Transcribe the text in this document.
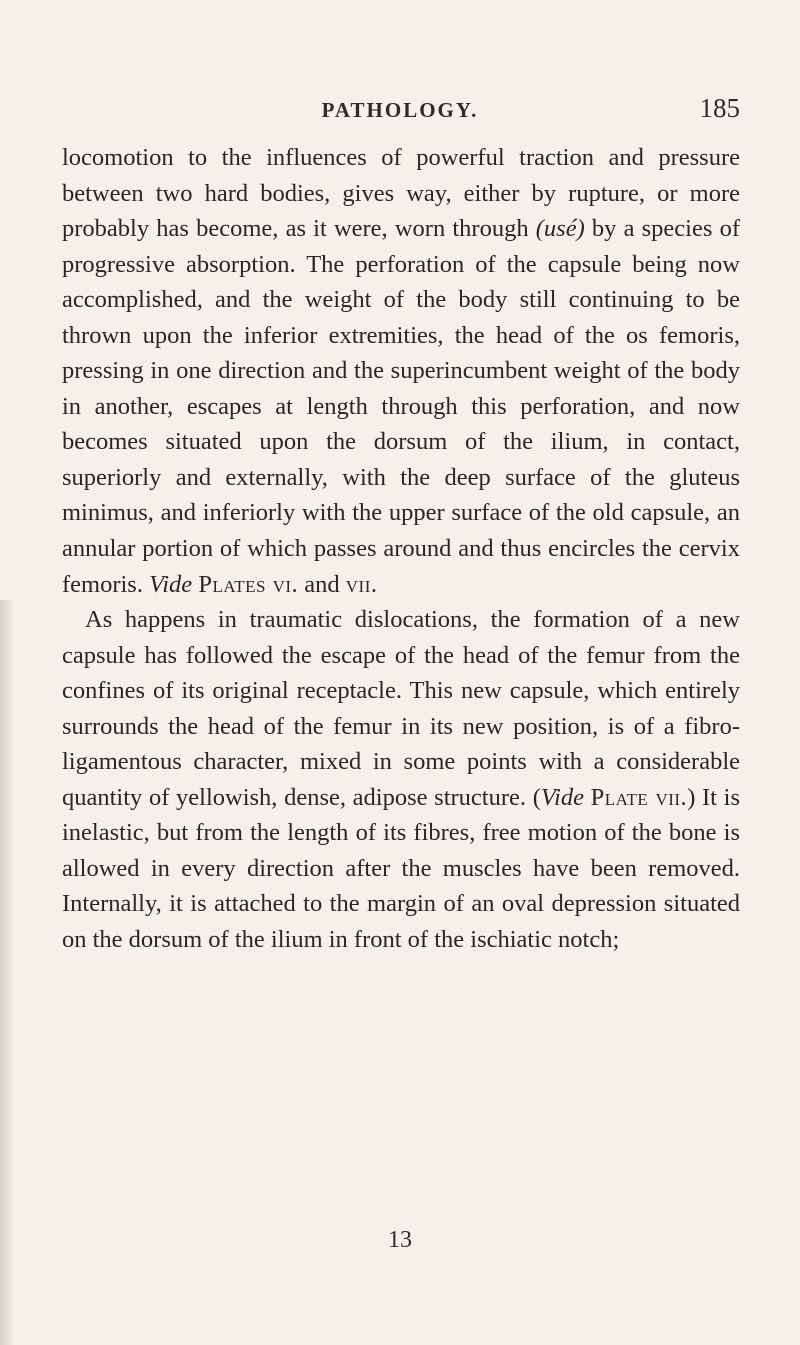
PATHOLOGY.	185

locomotion to the influences of powerful traction and pressure between two hard bodies, gives way, either by rupture, or more probably has become, as it were, worn through (usé) by a species of progressive absorption. The perforation of the capsule being now accomplished, and the weight of the body still continuing to be thrown upon the inferior extremities, the head of the os femoris, pressing in one direction and the superincumbent weight of the body in another, escapes at length through this perforation, and now becomes situated upon the dorsum of the ilium, in contact, superiorly and externally, with the deep surface of the gluteus minimus, and inferiorly with the upper surface of the old capsule, an annular portion of which passes around and thus encircles the cervix femoris. Vide Plates vi. and vii.

As happens in traumatic dislocations, the formation of a new capsule has followed the escape of the head of the femur from the confines of its original receptacle. This new capsule, which entirely surrounds the head of the femur in its new position, is of a fibro-ligamentous character, mixed in some points with a considerable quantity of yellowish, dense, adipose structure. (Vide Plate vii.) It is inelastic, but from the length of its fibres, free motion of the bone is allowed in every direction after the muscles have been removed. Internally, it is attached to the margin of an oval depression situated on the dorsum of the ilium in front of the ischiatic notch;

13
